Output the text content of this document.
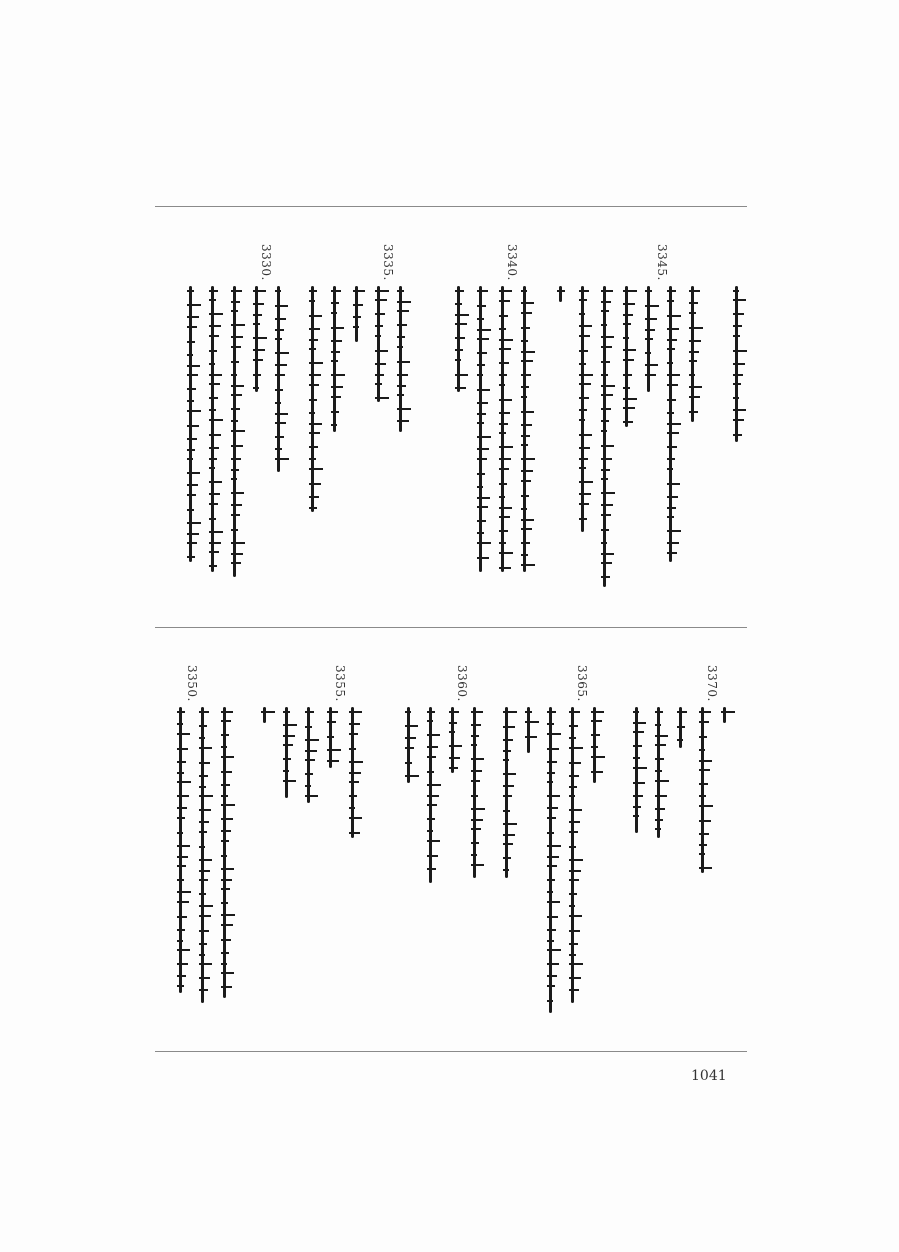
3345.
3340.
3335.
3330.
3370.
3365.
3360.
3355.
3350.
1041
